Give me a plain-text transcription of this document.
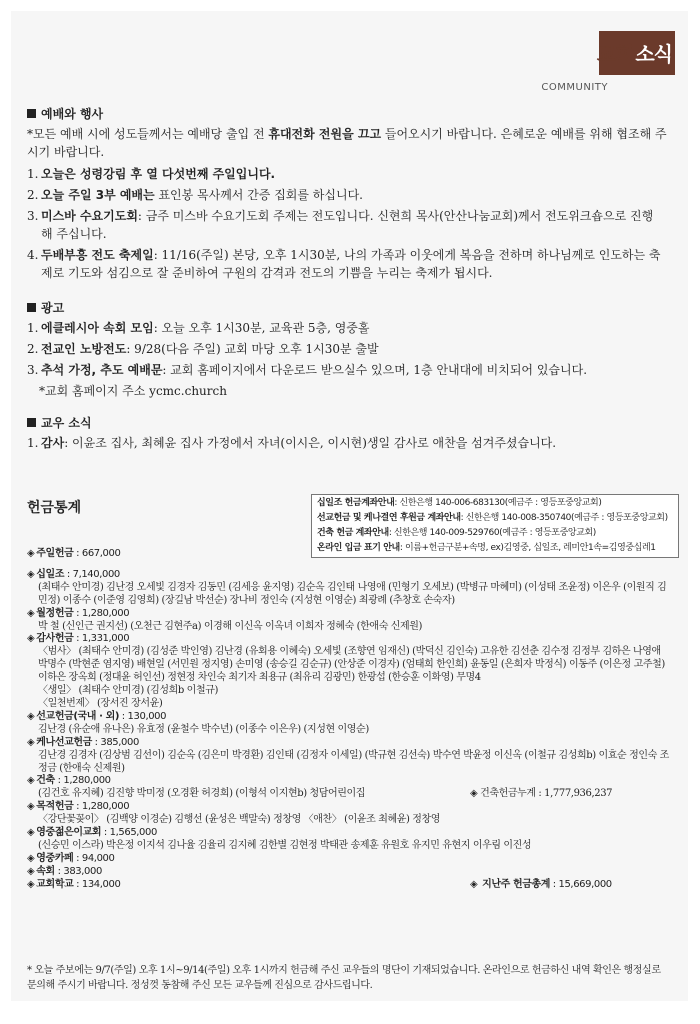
교회 소식
COMMUNITY
예배와 행사

*모든 예배 시에 성도들께서는 예배당 출입 전 휴대전화 전원을 끄고 들어오시기 바랍니다. 은혜로운 예배를 위해 협조해 주시기 바랍니다.

1. 오늘은 성령강림 후 열 다섯번째 주일입니다.
2. 오늘 주일 3부 예배는 표인봉 목사께서 간증 집회를 하십니다.
3. 미스바 수요기도회: 금주 미스바 수요기도회 주제는 전도입니다. 신현희 목사(안산나눔교회)께서 전도위크숍으로 진행 해 주십니다.
4. 두배부흥 전도 축제일: 11/16(주일) 본당, 오후 1시30분, 나의 가족과 이웃에게 복음을 전하며 하나님께로 인도하는 축제로 기도와 섬김으로 잘 준비하여 구원의 감격과 전도의 기쁨을 누리는 축제가 됩시다.
광고
1. 에클레시아 속회 모임: 오늘 오후 1시30분, 교육관 5층, 영중홀
2. 전교인 노방전도: 9/28(다음 주일) 교회 마당 오후 1시30분 출발
3. 추석 가정, 추도 예배문: 교회 홈페이지에서 다운로드 받으실수 있으며, 1층 안내대에 비치되어 있습니다.

*교회 홈페이지 주소 ycmc.church

교우 소식
1. 감사: 이윤조 집사, 최혜윤 집사 가정에서 자녀(이시은, 이시현)생일 감사로 애찬을 섬겨주셨습니다.
헌금통계	십일조 헌금계좌안내: 신한은행 140-006-683130(예금주 : 영등포중앙교회)
선교헌금 및 케나결연 후원금 계좌안내: 신한은행 140-008-350740(예금주 : 영등포중앙교회)
건축 헌금 계좌안내: 신한은행 140-009-529760(예금주 : 영등포중앙교회)
온라인 입금 표기 안내: 이름+헌금구분+속명, ex)김영중, 십일조, 레미안1속=김영중십레1
◈ 주일헌금 : 667,000
◈ 십일조 : 7,140,000
(최태수 안미경) 김난경 오세빛 김경자 김동민 (김세응 윤지영) 김순옥 김인태 나영애 (민형기 오세보) (박병규 마혜미) (이성태 조윤정) 이은우 (이원직 김민정) 이종수 (이준영 김영희) (장길남 박선순) 장나비 정인숙 (지성현 이영순) 최광례 (추창호 손숙자)
◈ 월정헌금 : 1,280,000
박 철 (신인근 권지선) (오천근 김현주a) 이경해 이신옥 이옥녀 이희자 정혜숙 (한애숙 신제원)
◈ 감사헌금 : 1,331,000
〈범사〉 (최태수 안미경) (김성준 박인영) 김난경 (유회용 이혜숙) 오세빛 (조향연 임재신) (박덕신 김인숙) 고유한 김선춘 김수정 김정부 김하은 나영애 박명수 (박현준 염지영) 배현일 (서민원 정지영) 손미영 (송승길 김순규) (안상준 이경자) (엄태희 한인희) 윤동일 (은희자 박정식) 이동주 (이은정 고주철) 이하은 장옥희 (정대윤 허인선) 정현정 차인숙 최기자 최용규 (최유리 김광민) 한광섭 (한승훈 이화영) 무명4
〈생일〉 (최태수 안미경) (김성희b 이철규)
〈일천번제〉 (장서진 장서윤)
◈ 선교헌금(국내 · 외) : 130,000
김난경 (유순애 유나은) 유효정 (윤철수 박수년) (이종수 이은우) (지성현 이영순)
◈ 케나선교헌금 : 385,000
김난경 김경자 (김상범 김선이) 김순옥 (김은미 박경환) 김인태 (김정자 이세일) (박규현 김선숙) 박수연 박윤정 이신옥 (이철규 김성희b) 이효순 정인숙 조정금 (한애숙 신제원)
◈ 건축 : 1,280,000
(김건호 유지혜) 김진향 박미정 (오경환 허경희) (이형석 이지현b) 청담어린이집	◈ 건축헌금누계 : 1,777,936,237
◈ 목적헌금 : 1,280,000
〈강단꽃꽂이〉 (김백양 이경순) 김행선 (윤성은 백말숙) 정창영 〈애찬〉 (이윤조 최혜윤) 정창영
◈ 영중젊은이교회 : 1,565,000
(신승민 이스라) 박은정 이지석 김나율 김율리 김지혜 김한별 김현정 박태관 송제훈 유원호 유지민 유현지 이우림 이진성
◈ 영중카페 : 94,000
◈ 속회 : 383,000
◈ 교회학교 : 134,000	◈ 지난주 헌금총계 : 15,669,000
* 오늘 주보에는 9/7(주일) 오후 1시~9/14(주일) 오후 1시까지 헌금해 주신 교우들의 명단이 기재되었습니다. 온라인으로 헌금하신 내역 확인은 행정실로 문의해 주시기 바랍니다. 정성껏 동참해 주신 모든 교우들께 진심으로 감사드립니다.
